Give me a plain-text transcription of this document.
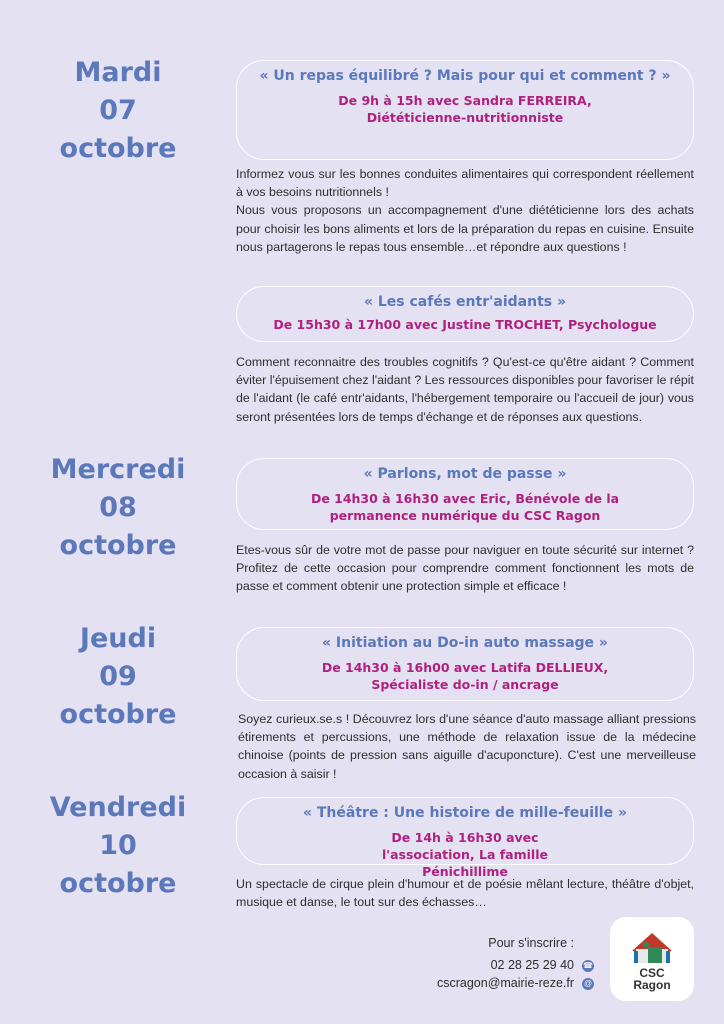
Mardi
07
octobre
Mercredi
08
octobre
Jeudi
09
octobre
Vendredi
10
octobre
« Un repas équilibré ? Mais pour qui et comment ? »
De 9h à 15h avec Sandra FERREIRA, Diététicienne-nutritionniste

Informez vous sur les bonnes conduites alimentaires qui correspondent réellement à vos besoins nutritionnels !

Nous vous proposons un accompagnement d'une diététicienne lors des achats pour choisir les bons aliments et lors de la préparation du repas en cuisine. Ensuite nous partagerons le repas tous ensemble…et répondre aux questions !

« Les cafés entr'aidants »
De 15h30 à 17h00 avec Justine TROCHET, Psychologue

Comment reconnaitre des troubles cognitifs ? Qu'est-ce qu'être aidant ? Comment éviter l'épuisement chez l'aidant ? Les ressources disponibles pour favoriser le répit de l'aidant (le café entr'aidants, l'hébergement temporaire ou l'accueil de jour) vous seront présentées lors de temps d'échange et de réponses aux questions.

« Parlons, mot de passe »
De 14h30 à 16h30 avec Eric, Bénévole de la permanence numérique du CSC Ragon

Etes-vous sûr de votre mot de passe pour naviguer en toute sécurité sur internet ? Profitez de cette occasion pour comprendre comment fonctionnent les mots de passe et comment obtenir une protection simple et efficace !

« Initiation au Do-in auto massage »
De 14h30 à 16h00 avec Latifa DELLIEUX, Spécialiste do-in / ancrage

Soyez curieux.se.s ! Découvrez lors d'une séance d'auto massage alliant pressions étirements et percussions, une méthode de relaxation issue de la médecine chinoise (points de pression sans aiguille d'acuponcture). C'est une merveilleuse occasion à saisir !

« Théâtre : Une histoire de mille-feuille »
De 14h à 16h30 avec l'association, La famille Pénichillime

Un spectacle de cirque plein d'humour et de poésie mêlant lecture, théâtre d'objet, musique et danse, le tout sur des échasses…

Pour s'inscrire :
02 28 25 29 40 ☎
cscragon@mairie-reze.fr @
CSC
Ragon
